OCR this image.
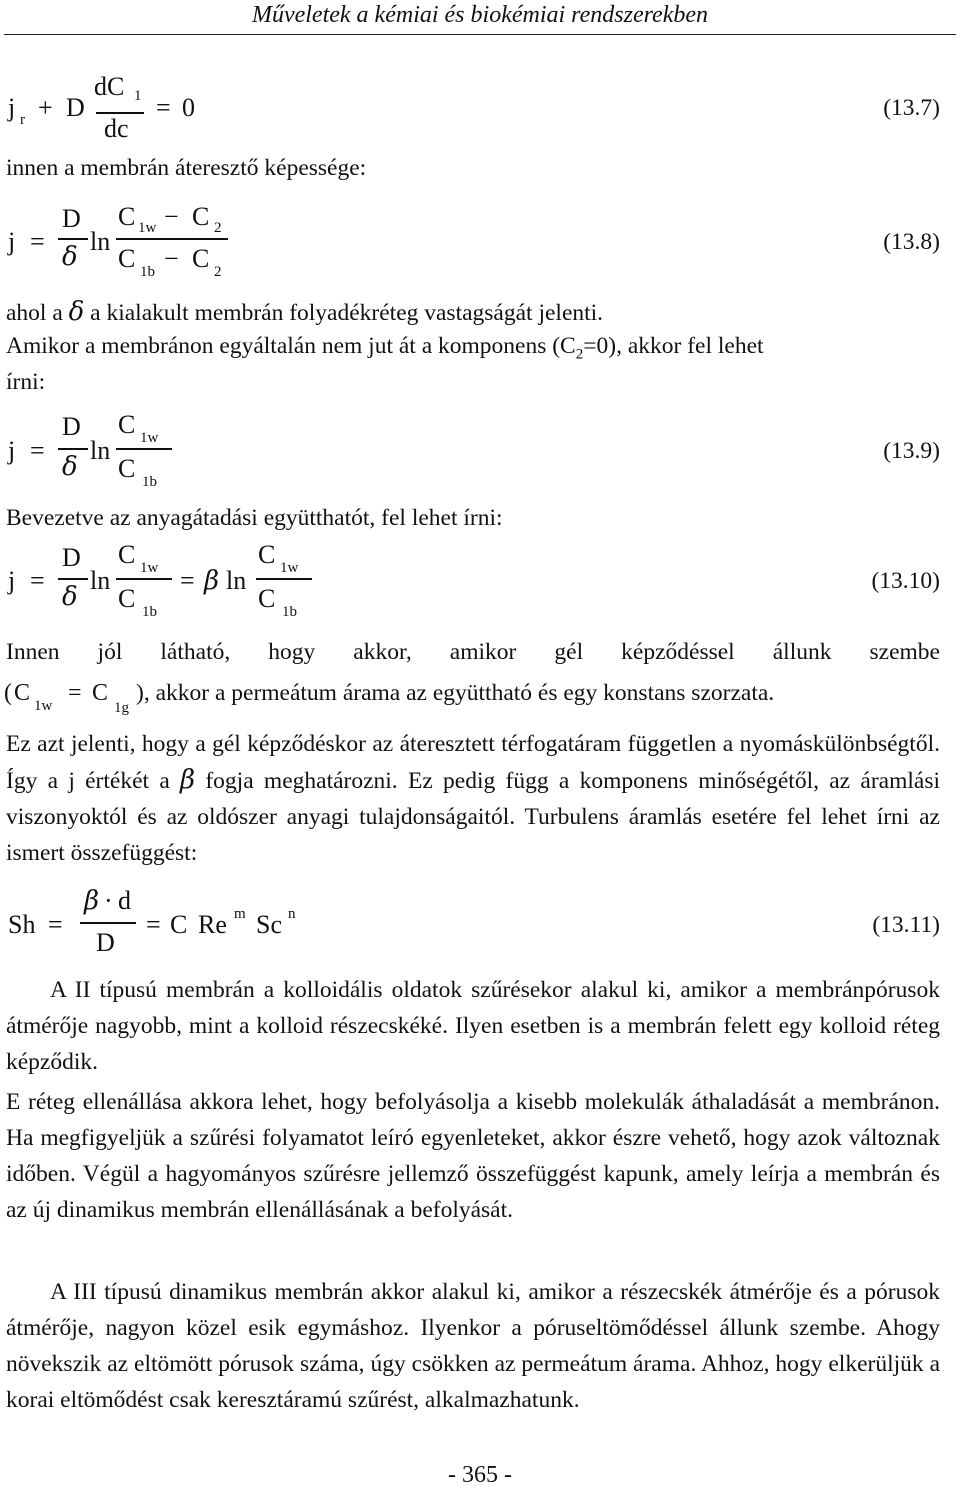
Műveletek a kémiai és biokémiai rendszerekben
j r + D
dC 1
dc
= 0	(13.7)
innen a membrán áteresztő képessége:
j =
D
δ
ln
C 1w − C 2
C 1b − C 2
(13.8)
ahol a δ a kialakult membrán folyadékréteg vastagságát jelenti.
Amikor a membránon egyáltalán nem jut át a komponens $(C_2=0)$, akkor fel lehet
írni:
j =
D
δ
ln
C 1w
C 1b
(13.9)
Bevezetve az anyagátadási együtthatót, fel lehet írni:
j =
D
δ
ln
C 1w
C 1b
= β ln
C 1w
C 1b
(13.10)
Innen jól látható, hogy akkor, amikor gél képződéssel állunk szembe
( C 1w = C
1g
), akkor a permeátum árama az együttható és egy konstans szorzata.
Ez azt jelenti, hogy a gél képződéskor az áteresztett térfogatáram független a nyomáskülönbségtől. Így a j értékét a β fogja meghatározni. Ez pedig függ a komponens minőségétől, az áramlási viszonyoktól és az oldószer anyagi tulajdonságaitól. Turbulens áramlás esetére fel lehet írni az ismert összefüggést:
Sh =
β · d
D
= C Re m Sc n	(13.11)
A II típusú membrán a kolloidális oldatok szűrésekor alakul ki, amikor a membránpórusok átmérője nagyobb, mint a kolloid részecskéké. Ilyen esetben is a membrán felett egy kolloid réteg képződik.
E réteg ellenállása akkora lehet, hogy befolyásolja a kisebb molekulák áthaladását a membránon. Ha megfigyeljük a szűrési folyamatot leíró egyenleteket, akkor észre vehető, hogy azok változnak időben. Végül a hagyományos szűrésre jellemző összefüggést kapunk, amely leírja a membrán és az új dinamikus membrán ellenállásának a befolyását.
A III típusú dinamikus membrán akkor alakul ki, amikor a részecskék átmérője és a pórusok átmérője, nagyon közel esik egymáshoz. Ilyenkor a póruseltömődéssel állunk szembe. Ahogy növekszik az eltömött pórusok száma, úgy csökken az permeátum árama. Ahhoz, hogy elkerüljük a korai eltömődést csak keresztáramú szűrést, alkalmazhatunk.
- 365 -
